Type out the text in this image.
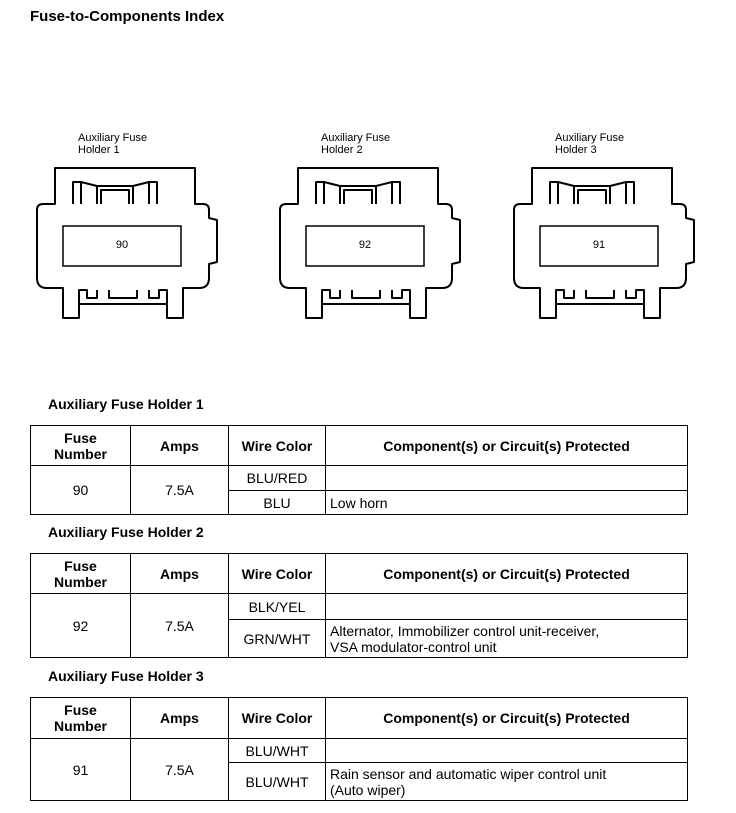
Fuse-to-Components Index
Auxiliary Fuse
Holder 1
Auxiliary Fuse
Holder 2
Auxiliary Fuse
Holder 3
90	92	91
Auxiliary Fuse Holder 1
Fuse
Number	Amps	Wire Color	Component(s) or Circuit(s) Protected
90	7.5A	BLU/RED	

		BLU	Low horn
Auxiliary Fuse Holder 2
Fuse
Number	Amps	Wire Color	Component(s) or Circuit(s) Protected
92	7.5A	BLK/YEL	

		GRN/WHT	Alternator, Immobilizer control unit-receiver,
VSA modulator-control unit
Auxiliary Fuse Holder 3
Fuse
Number	Amps	Wire Color	Component(s) or Circuit(s) Protected
91	7.5A	BLU/WHT	

		BLU/WHT	Rain sensor and automatic wiper control unit
(Auto wiper)
